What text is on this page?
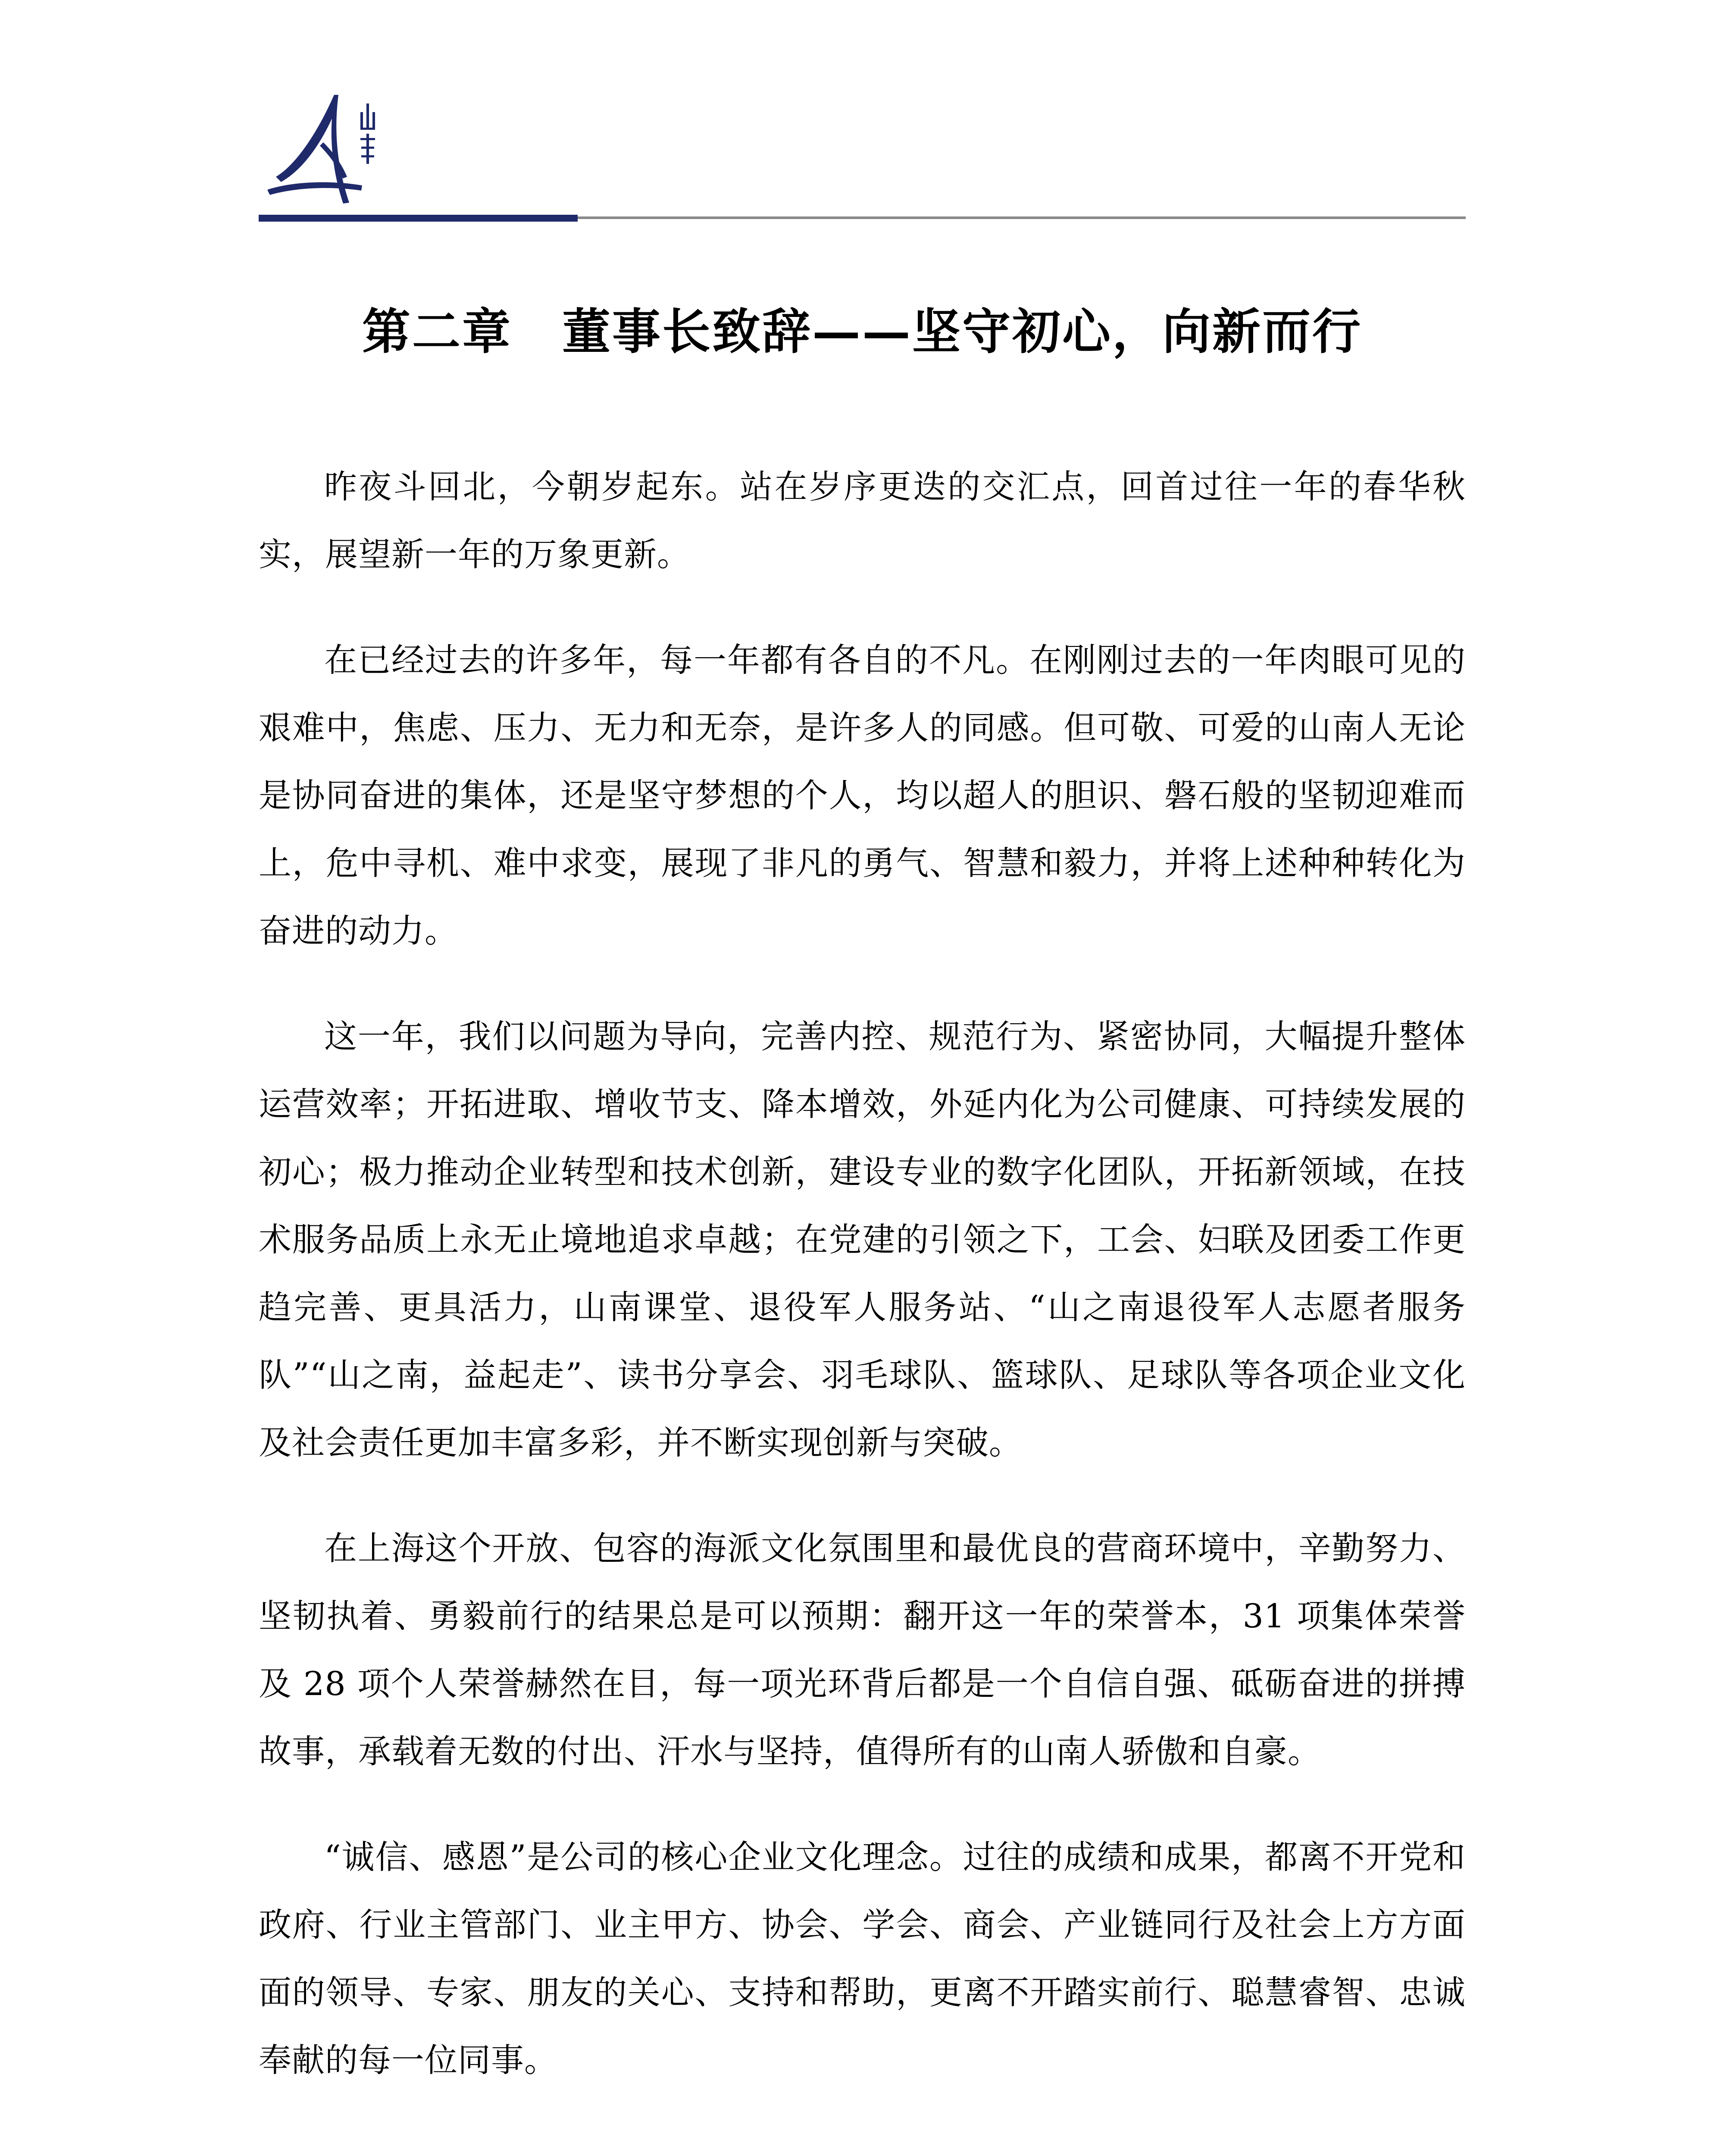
第二章　董事长致辞——坚守初心，向新而行

昨夜斗回北，今朝岁起东。站在岁序更迭的交汇点，回首过往一年的春华秋实，展望新一年的万象更新。

在已经过去的许多年，每一年都有各自的不凡。在刚刚过去的一年肉眼可见的艰难中，焦虑、压力、无力和无奈，是许多人的同感。但可敬、可爱的山南人无论是协同奋进的集体，还是坚守梦想的个人，均以超人的胆识、磐石般的坚韧迎难而上，危中寻机、难中求变，展现了非凡的勇气、智慧和毅力，并将上述种种转化为奋进的动力。

这一年，我们以问题为导向，完善内控、规范行为、紧密协同，大幅提升整体运营效率；开拓进取、增收节支、降本增效，外延内化为公司健康、可持续发展的初心；极力推动企业转型和技术创新，建设专业的数字化团队，开拓新领域，在技术服务品质上永无止境地追求卓越；在党建的引领之下，工会、妇联及团委工作更趋完善、更具活力，山南课堂、退役军人服务站、“山之南退役军人志愿者服务队”“山之南，益起走”、读书分享会、羽毛球队、篮球队、足球队等各项企业文化及社会责任更加丰富多彩，并不断实现创新与突破。

在上海这个开放、包容的海派文化氛围里和最优良的营商环境中，辛勤努力、坚韧执着、勇毅前行的结果总是可以预期：翻开这一年的荣誉本，31 项集体荣誉及 28 项个人荣誉赫然在目，每一项光环背后都是一个自信自强、砥砺奋进的拼搏故事，承载着无数的付出、汗水与坚持，值得所有的山南人骄傲和自豪。

“诚信、感恩”是公司的核心企业文化理念。过往的成绩和成果，都离不开党和政府、行业主管部门、业主甲方、协会、学会、商会、产业链同行及社会上方方面面的领导、专家、朋友的关心、支持和帮助，更离不开踏实前行、聪慧睿智、忠诚奉献的每一位同事。
